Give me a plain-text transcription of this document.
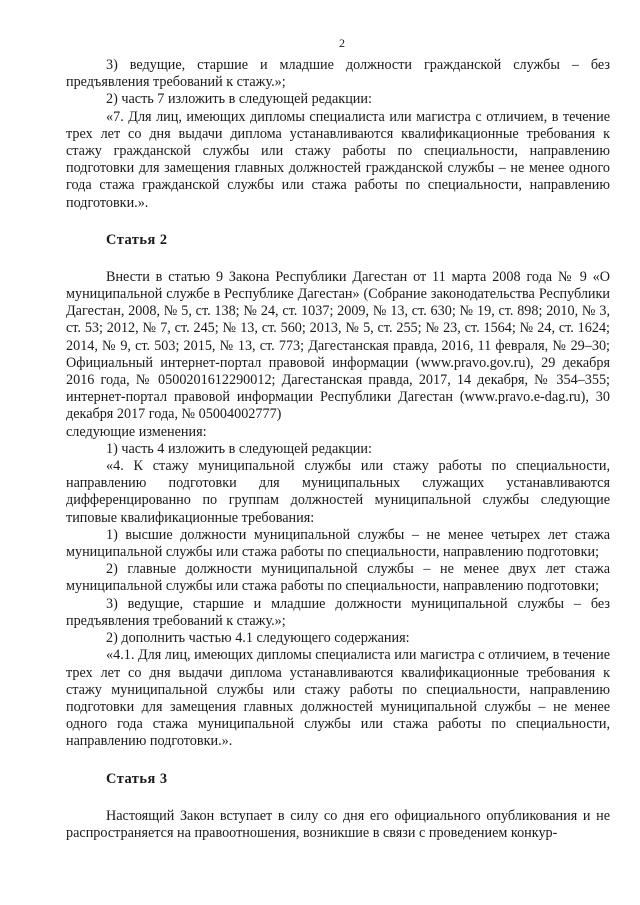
2

3) ведущие, старшие и младшие должности гражданской службы – без предъявления требований к стажу.»;

2) часть 7 изложить в следующей редакции:

«7. Для лиц, имеющих дипломы специалиста или магистра с отличием, в течение трех лет со дня выдачи диплома устанавливаются квалификационные требования к стажу гражданской службы или стажу работы по специальности, направлению подготовки для замещения главных должностей гражданской службы – не менее одного года стажа гражданской службы или стажа работы по специальности, направлению подготовки.».

Статья 2

Внести в статью 9 Закона Республики Дагестан от 11 марта 2008 года № 9 «О муниципальной службе в Республике Дагестан» (Собрание законодательства Республики Дагестан, 2008, № 5, ст. 138; № 24, ст. 1037; 2009, № 13, ст. 630; № 19, ст. 898; 2010, № 3, ст. 53; 2012, № 7, ст. 245; № 13, ст. 560; 2013, № 5, ст. 255; № 23, ст. 1564; № 24, ст. 1624; 2014, № 9, ст. 503; 2015, № 13, ст. 773; Дагестанская правда, 2016, 11 февраля, № 29–30; Официальный интернет-портал правовой информации (www.pravo.gov.ru), 29 декабря 2016 года, № 0500201612290012; Дагестанская правда, 2017, 14 декабря, № 354–355; интернет-портал правовой информации Республики Дагестан (www.pravo.e-dag.ru), 30 декабря 2017 года, № 05004002777)

следующие изменения:

1) часть 4 изложить в следующей редакции:

«4. К стажу муниципальной службы или стажу работы по специальности, направлению подготовки для муниципальных служащих устанавливаются дифференцированно по группам должностей муниципальной службы следующие типовые квалификационные требования:

1) высшие должности муниципальной службы – не менее четырех лет стажа муниципальной службы или стажа работы по специальности, направлению подготовки;

2) главные должности муниципальной службы – не менее двух лет стажа муниципальной службы или стажа работы по специальности, направлению подготовки;

3) ведущие, старшие и младшие должности муниципальной службы – без предъявления требований к стажу.»;

2) дополнить частью 4.1 следующего содержания:

«4.1. Для лиц, имеющих дипломы специалиста или магистра с отличием, в течение трех лет со дня выдачи диплома устанавливаются квалификационные требования к стажу муниципальной службы или стажу работы по специальности, направлению подготовки для замещения главных должностей муниципальной службы – не менее одного года стажа муниципальной службы или стажа работы по специальности, направлению подготовки.».

Статья 3

Настоящий Закон вступает в силу со дня его официального опубликования и не распространяется на правоотношения, возникшие в связи с проведением конкур-
